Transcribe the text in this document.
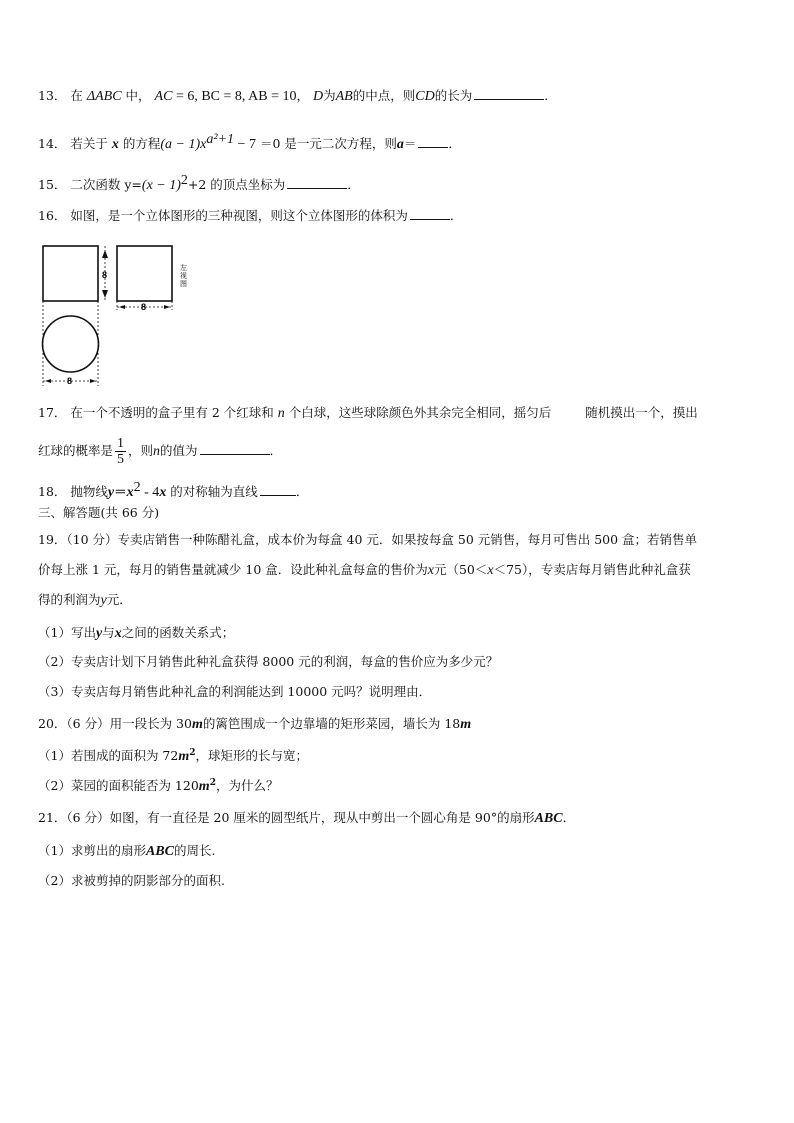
13． 在 ΔABC 中， AC = 6, BC = 8, AB = 10， D为AB的中点，则CD的长为	．
14． 若关于 x 的方程$(a - 1)x^{a^2+1} - 7 =0$ 是一元二次方程，则a＝	．
15． 二次函数 $y=(x - 1)^2+2$ 的顶点坐标为	．
16． 如图，是一个立体图形的三种视图，则这个立体图形的体积为	．
8
左
视
图
8
8
17． 在一个不透明的盒子里有 2 个红球和 n 个白球，这些球除颜色外其余完全相同，摇匀后	随机摸出一个，摸出
红球的概率是 $\frac{1}{5}$ ，则n的值为	．
18． 抛物线$y=x^2 - 4x$ 的对称轴为直线	．
三、解答题(共 66 分)
19．（10 分）专卖店销售一种陈醋礼盒，成本价为每盒 40 元．如果按每盒 50 元销售，每月可售出 500 盒；若销售单
价每上涨 1 元，每月的销售量就减少 10 盒．设此种礼盒每盒的售价为x元（50＜x＜75），专卖店每月销售此种礼盒获
得的利润为y元．
（1）写出y与x之间的函数关系式；
（2）专卖店计划下月销售此种礼盒获得 8000 元的利润，每盒的售价应为多少元？
（3）专卖店每月销售此种礼盒的利润能达到 10000 元吗？说明理由．
20．（6 分）用一段长为 30m的篱笆围成一个边靠墙的矩形菜园，墙长为 18m
（1）若围成的面积为 $72m^2$，球矩形的长与宽；
（2）菜园的面积能否为 $120m^2$，为什么？
21．（6 分）如图，有一直径是 20 厘米的圆型纸片，现从中剪出一个圆心角是 90°的扇形ABC．
（1）求剪出的扇形ABC的周长.
（2）求被剪掉的阴影部分的面积.
